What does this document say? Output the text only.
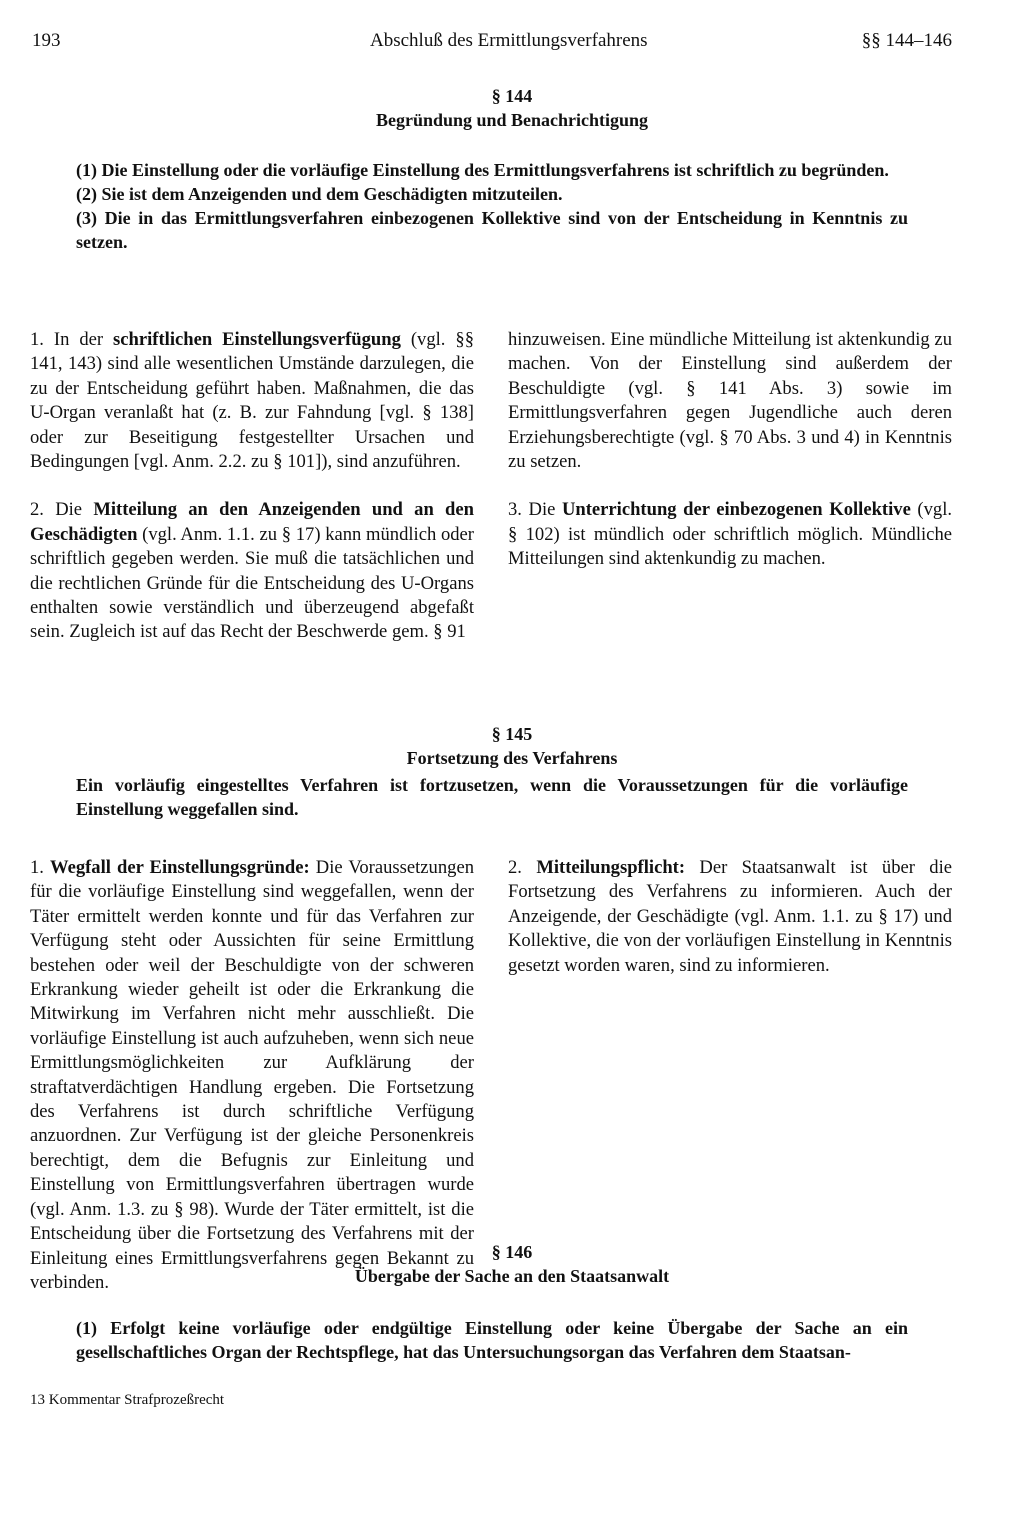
193	Abschluß des Ermittlungsverfahrens	§§ 144–146
§ 144
Begründung und Benachrichtigung

(1) Die Einstellung oder die vorläufige Einstellung des Ermittlungsverfahrens ist schriftlich zu begründen.

(2) Sie ist dem Anzeigenden und dem Geschädigten mitzuteilen.

(3) Die in das Ermittlungsverfahren einbezogenen Kollektive sind von der Entscheidung in Kenntnis zu setzen.

1. In der schriftlichen Einstellungsverfügung (vgl. §§ 141, 143) sind alle wesentlichen Umstände darzulegen, die zu der Entscheidung geführt haben. Maßnahmen, die das U-Organ veranlaßt hat (z. B. zur Fahndung [vgl. § 138] oder zur Beseitigung festgestellter Ursachen und Bedingungen [vgl. Anm. 2.2. zu § 101]), sind anzuführen.

2. Die Mitteilung an den Anzeigenden und an den Geschädigten (vgl. Anm. 1.1. zu § 17) kann mündlich oder schriftlich gegeben werden. Sie muß die tatsächlichen und die rechtlichen Gründe für die Entscheidung des U-Organs enthalten sowie verständlich und überzeugend abgefaßt sein. Zugleich ist auf das Recht der Beschwerde gem. § 91

hinzuweisen. Eine mündliche Mitteilung ist aktenkundig zu machen. Von der Einstellung sind außerdem der Beschuldigte (vgl. § 141 Abs. 3) sowie im Ermittlungsverfahren gegen Jugendliche auch deren Erziehungsberechtigte (vgl. § 70 Abs. 3 und 4) in Kenntnis zu setzen.

3. Die Unterrichtung der einbezogenen Kollektive (vgl. § 102) ist mündlich oder schriftlich möglich. Mündliche Mitteilungen sind aktenkundig zu machen.

§ 145
Fortsetzung des Verfahrens

Ein vorläufig eingestelltes Verfahren ist fortzusetzen, wenn die Voraussetzungen für die vorläufige Einstellung weggefallen sind.

1. Wegfall der Einstellungsgründe: Die Voraussetzungen für die vorläufige Einstellung sind weggefallen, wenn der Täter ermittelt werden konnte und für das Verfahren zur Verfügung steht oder Aussichten für seine Ermittlung bestehen oder weil der Beschuldigte von der schweren Erkrankung wieder geheilt ist oder die Erkrankung die Mitwirkung im Verfahren nicht mehr ausschließt. Die vorläufige Einstellung ist auch aufzuheben, wenn sich neue Ermittlungsmöglichkeiten zur Aufklärung der straftatverdächtigen Handlung ergeben. Die Fortsetzung des Verfahrens ist durch schriftliche Verfügung anzuordnen. Zur Verfügung ist der gleiche Personenkreis berechtigt, dem die Befugnis zur Einleitung und Einstellung von Ermittlungsverfahren übertragen wurde (vgl. Anm. 1.3. zu § 98). Wurde der Täter ermittelt, ist die Entscheidung über die Fortsetzung des Verfahrens mit der Einleitung eines Ermittlungsverfahrens gegen Bekannt zu verbinden.

2. Mitteilungspflicht: Der Staatsanwalt ist über die Fortsetzung des Verfahrens zu informieren. Auch der Anzeigende, der Geschädigte (vgl. Anm. 1.1. zu § 17) und Kollektive, die von der vorläufigen Einstellung in Kenntnis gesetzt worden waren, sind zu informieren.

§ 146
Übergabe der Sache an den Staatsanwalt

(1) Erfolgt keine vorläufige oder endgültige Einstellung oder keine Übergabe der Sache an ein gesellschaftliches Organ der Rechtspflege, hat das Untersuchungsorgan das Verfahren dem Staatsan-

13 Kommentar Strafprozeßrecht
